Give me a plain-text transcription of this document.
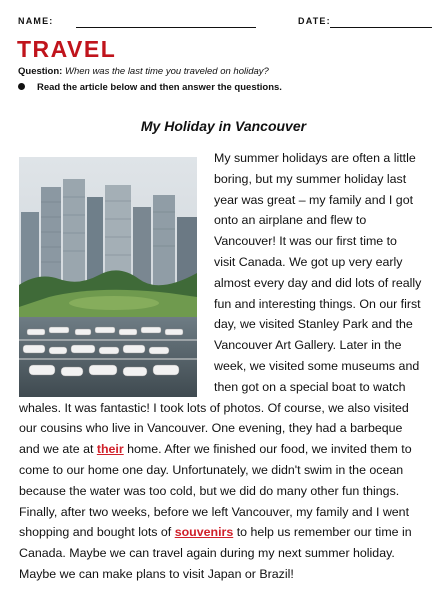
NAME:	DATE:
TRAVEL
Question: When was the last time you traveled on holiday?
Read the article below and then answer the questions.
My Holiday in Vancouver
My summer holidays are often a little
boring, but my summer holiday last
year was great – my family and I got
onto an airplane and flew to
Vancouver! It was our first time to
visit Canada. We got up very early
almost every day and did lots of really
fun and interesting things. On our first
day, we visited Stanley Park and the
Vancouver Art Gallery. Later in the
week, we visited some museums and
then got on a special boat to watch
whales. It was fantastic! I took lots of photos. Of course, we also visited
our cousins who live in Vancouver. One evening, they had a barbeque
and we ate at their home. After we finished our food, we invited them to
come to our home one day. Unfortunately, we didn't swim in the ocean
because the water was too cold, but we did do many other fun things.
Finally, after two weeks, before we left Vancouver, my family and I went
shopping and bought lots of souvenirs to help us remember our time in
Canada. Maybe we can travel again during my next summer holiday.
Maybe we can make plans to visit Japan or Brazil!
